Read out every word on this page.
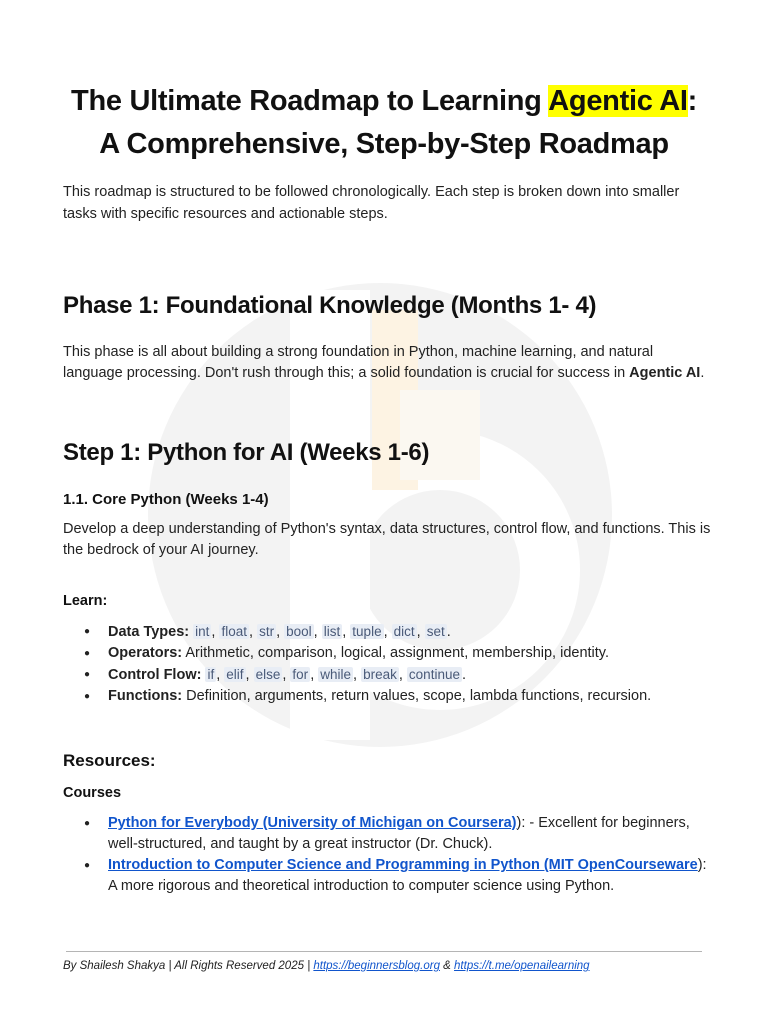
The Ultimate Roadmap to Learning Agentic AI:
A Comprehensive, Step-by-Step Roadmap

This roadmap is structured to be followed chronologically. Each step is broken down into smaller tasks with specific resources and actionable steps.

Phase 1: Foundational Knowledge (Months 1- 4)

This phase is all about building a strong foundation in Python, machine learning, and natural language processing. Don't rush through this; a solid foundation is crucial for success in Agentic AI.

Step 1: Python for AI (Weeks 1-6)
1.1. Core Python (Weeks 1-4)

Develop a deep understanding of Python's syntax, data structures, control flow, and functions. This is the bedrock of your AI journey.

Learn:
● Data Types: int , float , str , bool , list , tuple , dict , set .
● Operators: Arithmetic, comparison, logical, assignment, membership, identity.
● Control Flow: if , elif , else , for , while , break , continue .
● Functions: Definition, arguments, return values, scope, lambda functions, recursion.
Resources:
Courses
● Python for Everybody (University of Michigan on Coursera)): - Excellent for beginners, well-structured, and taught by a great instructor (Dr. Chuck).
● Introduction to Computer Science and Programming in Python (MIT OpenCourseware): A more rigorous and theoretical introduction to computer science using Python.
By Shailesh Shakya | All Rights Reserved 2025 | https://beginnersblog.org & https://t.me/openailearning
